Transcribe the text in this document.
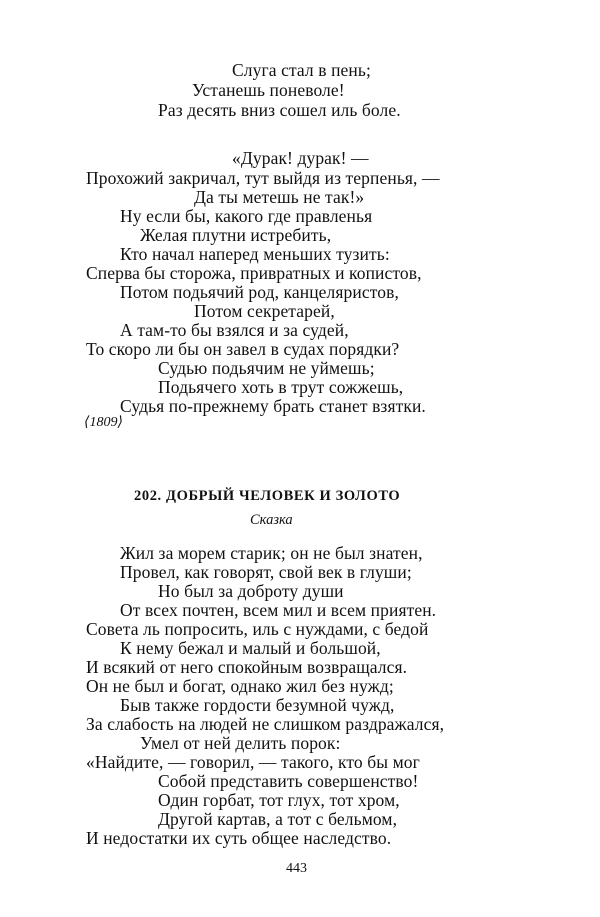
Слуга стал в пень;
Устанешь поневоле!
Раз десять вниз сошел иль боле.
«Дурак! дурак! —
Прохожий закричал, тут выйдя из терпенья, —
Да ты метешь не так!»
Ну если бы, какого где правленья
Желая плутни истребить,
Кто начал наперед меньших тузить:
Сперва бы сторожа, привратных и копистов,
Потом подьячий род, канцеляристов,
Потом секретарей,
А там-то бы взялся и за судей,
То скоро ли бы он завел в судах порядки?
Судью подьячим не уймешь;
Подьячего хоть в трут сожжешь,
Судья по-прежнему брать станет взятки.
⟨1809⟩
202. ДОБРЫЙ ЧЕЛОВЕК И ЗОЛОТО
Сказка
Жил за морем старик; он не был знатен,
Провел, как говорят, свой век в глуши;
Но был за доброту души
От всех почтен, всем мил и всем приятен.
Совета ль попросить, иль с нуждами, с бедой
К нему бежал и малый и большой,
И всякий от него спокойным возвращался.
Он не был и богат, однако жил без нужд;
Быв также гордости безумной чужд,
За слабость на людей не слишком раздражался,
Умел от ней делить порок:
«Найдите, — говорил, — такого, кто бы мог
Собой представить совершенство!
Один горбат, тот глух, тот хром,
Другой картав, а тот с бельмом,
И недостатки их суть общее наследство.
443
